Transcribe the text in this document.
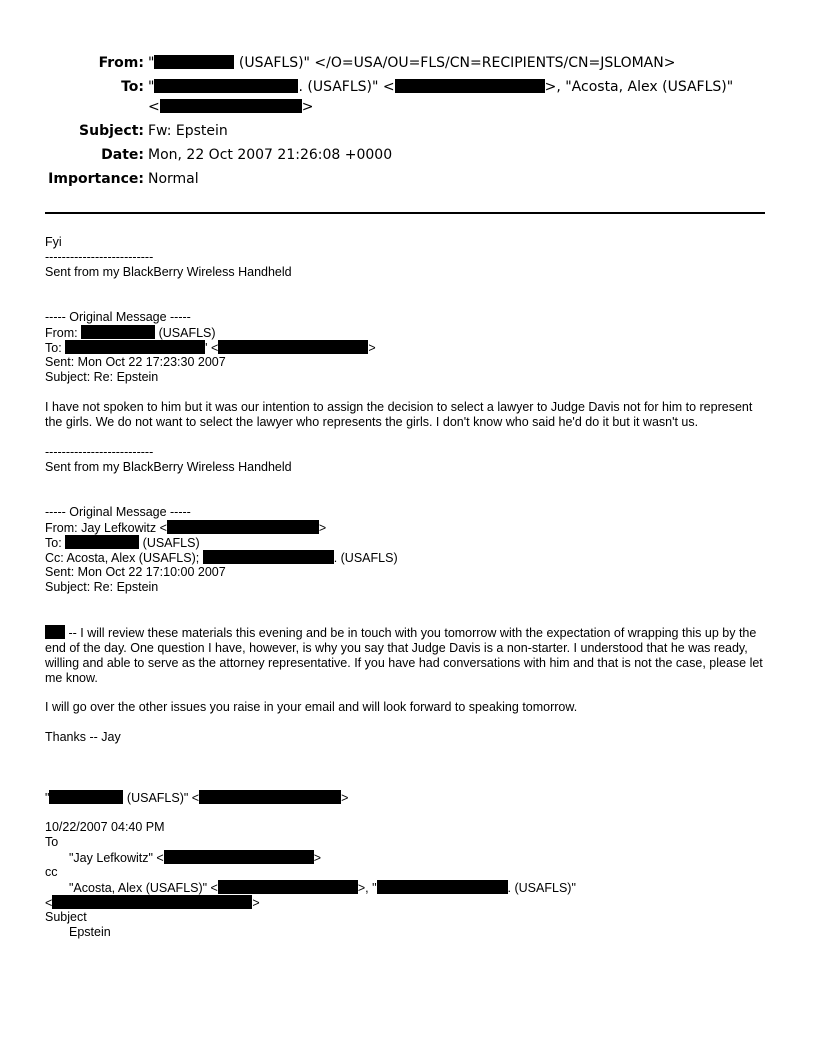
From: "	(USAFLS)" </O=USA/OU=FLS/CN=RECIPIENTS/CN=JSLOMAN>
To: "	. (USAFLS)" <	>, "Acosta, Alex (USAFLS)"
<	>
Subject: Fw: Epstein
Date: Mon, 22 Oct 2007 21:26:08 +0000
Importance: Normal
Fyi
--------------------------
Sent from my BlackBerry Wireless Handheld
----- Original Message -----
From:	(USAFLS)
To:	' <	>
Sent: Mon Oct 22 17:23:30 2007
Subject: Re: Epstein
I have not spoken to him but it was our intention to assign the decision to select a lawyer to Judge Davis not for him to represent the girls. We do not want to select the lawyer who represents the girls. I don't know who said he'd do it but it wasn't us.
--------------------------
Sent from my BlackBerry Wireless Handheld
----- Original Message -----
From: Jay Lefkowitz <	>
To:	(USAFLS)
Cc: Acosta, Alex (USAFLS);	. (USAFLS)
Sent: Mon Oct 22 17:10:00 2007
Subject: Re: Epstein
-- I will review these materials this evening and be in touch with you tomorrow with the expectation of wrapping this up by the end of the day. One question I have, however, is why you say that Judge Davis is a non-starter. I understood that he was ready, willing and able to serve as the attorney representative. If you have had conversations with him and that is not the case, please let me know.
I will go over the other issues you raise in your email and will look forward to speaking tomorrow.
Thanks -- Jay
"	(USAFLS)" <	>
10/22/2007 04:40 PM
To
"Jay Lefkowitz" <	>
cc
"Acosta, Alex (USAFLS)" <	>, "	. (USAFLS)"
<	>
Subject
Epstein
